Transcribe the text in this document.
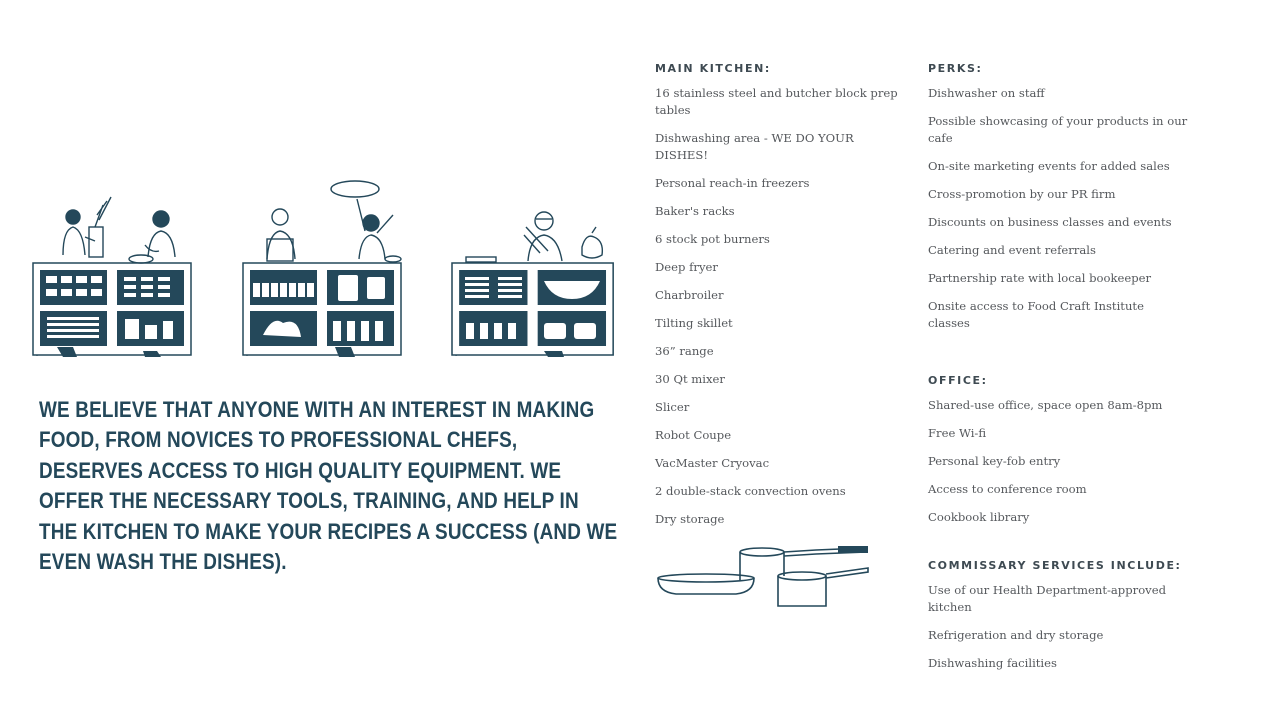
WE BELIEVE THAT ANYONE WITH AN INTEREST IN MAKING FOOD, FROM NOVICES TO PROFESSIONAL CHEFS, DESERVES ACCESS TO HIGH QUALITY EQUIPMENT. WE OFFER THE NECESSARY TOOLS, TRAINING, AND HELP IN THE KITCHEN TO MAKE YOUR RECIPES A SUCCESS (AND WE EVEN WASH THE DISHES).

MAIN KITCHEN:
16 stainless steel and butcher block prep tables
Dishwashing area - WE DO YOUR DISHES!
Personal reach-in freezers
Baker's racks
6 stock pot burners
Deep fryer
Charbroiler
Tilting skillet
36” range
30 Qt mixer
Slicer
Robot Coupe
VacMaster Cryovac
2 double-stack convection ovens
Dry storage
PERKS:
Dishwasher on staff
Possible showcasing of your products in our cafe
On-site marketing events for added sales
Cross-promotion by our PR firm
Discounts on business classes and events
Catering and event referrals
Partnership rate with local bookeeper
Onsite access to Food Craft Institute classes
OFFICE:
Shared-use office, space open 8am-8pm
Free Wi-fi
Personal key-fob entry
Access to conference room
Cookbook library
COMMISSARY SERVICES INCLUDE:
Use of our Health Department-approved kitchen
Refrigeration and dry storage
Dishwashing facilities
